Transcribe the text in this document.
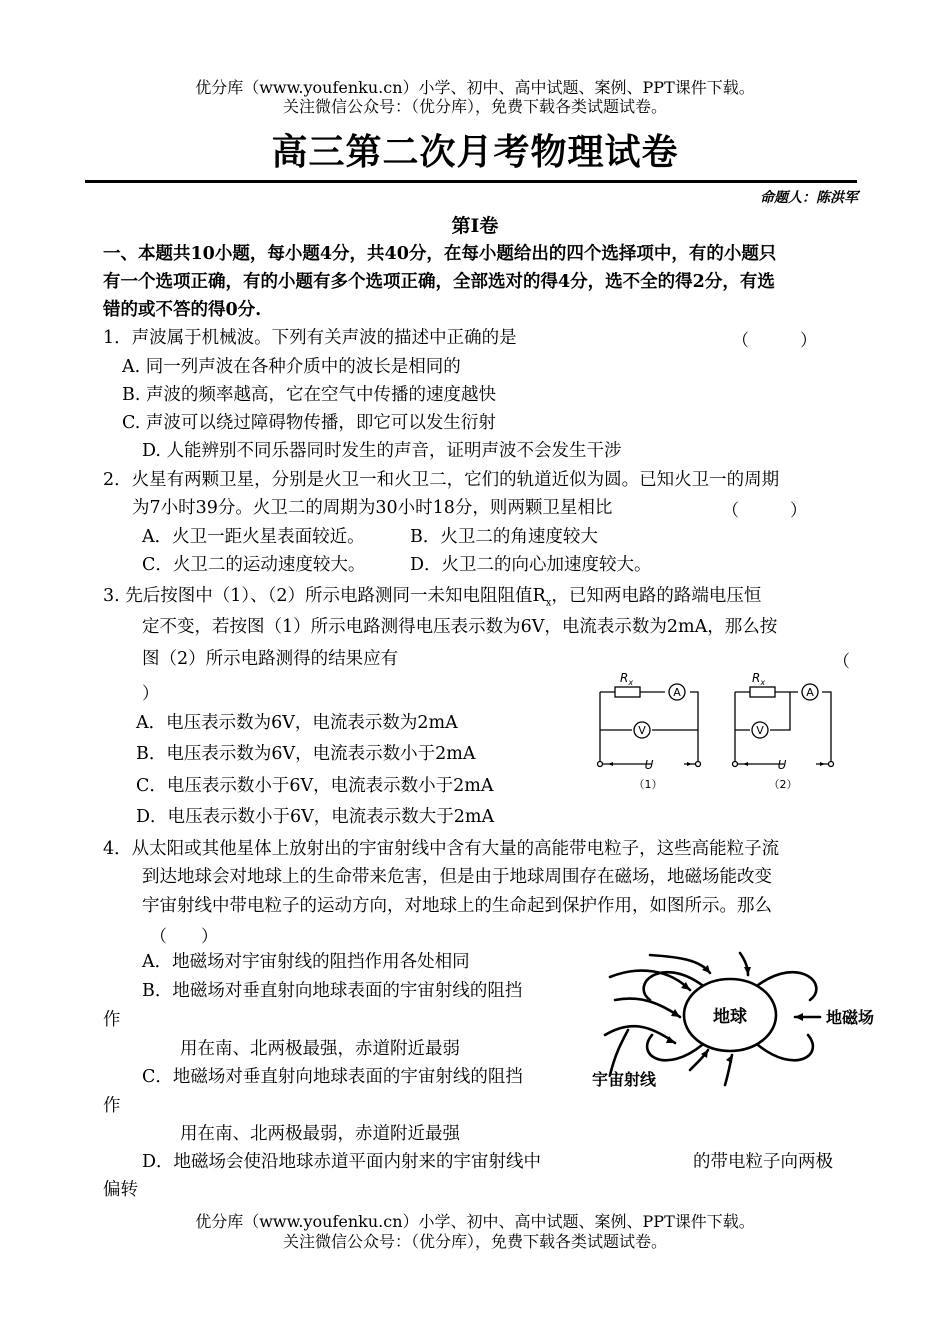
优分库（www.youfenku.cn）小学、初中、高中试题、案例、PPT课件下载。
关注微信公众号：（优分库），免费下载各类试题试卷。
高三第二次月考物理试卷
命题人：陈洪军
第Ⅰ卷
一、本题共10小题，每小题4分，共40分，在每小题给出的四个选择项中，有的小题只
有一个选项正确，有的小题有多个选项正确，全部选对的得4分，选不全的得2分，有选
错的或不答的得0分.
1．声波属于机械波。下列有关声波的描述中正确的是	（　　　）
A. 同一列声波在各种介质中的波长是相同的
B. 声波的频率越高，它在空气中传播的速度越快
C. 声波可以绕过障碍物传播，即它可以发生衍射
D. 人能辨别不同乐器同时发生的声音，证明声波不会发生干涉
2．火星有两颗卫星，分别是火卫一和火卫二，它们的轨道近似为圆。已知火卫一的周期
为7小时39分。火卫二的周期为30小时18分，则两颗卫星相比	（　　　）
A．火卫一距火星表面较近。	B．火卫二的角速度较大
C．火卫二的运动速度较大。	D．火卫二的向心加速度较大。
3. 先后按图中（1）、（2）所示电路测同一未知电阻阻值$R_x$，已知两电路的路端电压恒
定不变，若按图（1）所示电路测得电压表示数为6V，电流表示数为2mA，那么按
图（2）所示电路测得的结果应有	（
）
A．电压表示数为6V，电流表示数为2mA
B．电压表示数为6V，电流表示数小于2mA
C．电压表示数小于6V，电流表示数小于2mA
D．电压表示数小于6V，电流表示数大于2mA
$R_x$
A
V
U
（1）
$R_x$
A
V
U
（2）
4．从太阳或其他星体上放射出的宇宙射线中含有大量的高能带电粒子，这些高能粒子流
到达地球会对地球上的生命带来危害，但是由于地球周围存在磁场，地磁场能改变
宇宙射线中带电粒子的运动方向，对地球上的生命起到保护作用，如图所示。那么
（　　）
A．地磁场对宇宙射线的阻挡作用各处相同
B．地磁场对垂直射向地球表面的宇宙射线的阻挡
作
用在南、北两极最强，赤道附近最弱
C．地磁场对垂直射向地球表面的宇宙射线的阻挡
作
用在南、北两极最弱，赤道附近最强
D．地磁场会使沿地球赤道平面内射来的宇宙射线中	的带电粒子向两极
偏转
地球	地磁场
宇宙射线
优分库（www.youfenku.cn）小学、初中、高中试题、案例、PPT课件下载。
关注微信公众号：（优分库），免费下载各类试题试卷。
